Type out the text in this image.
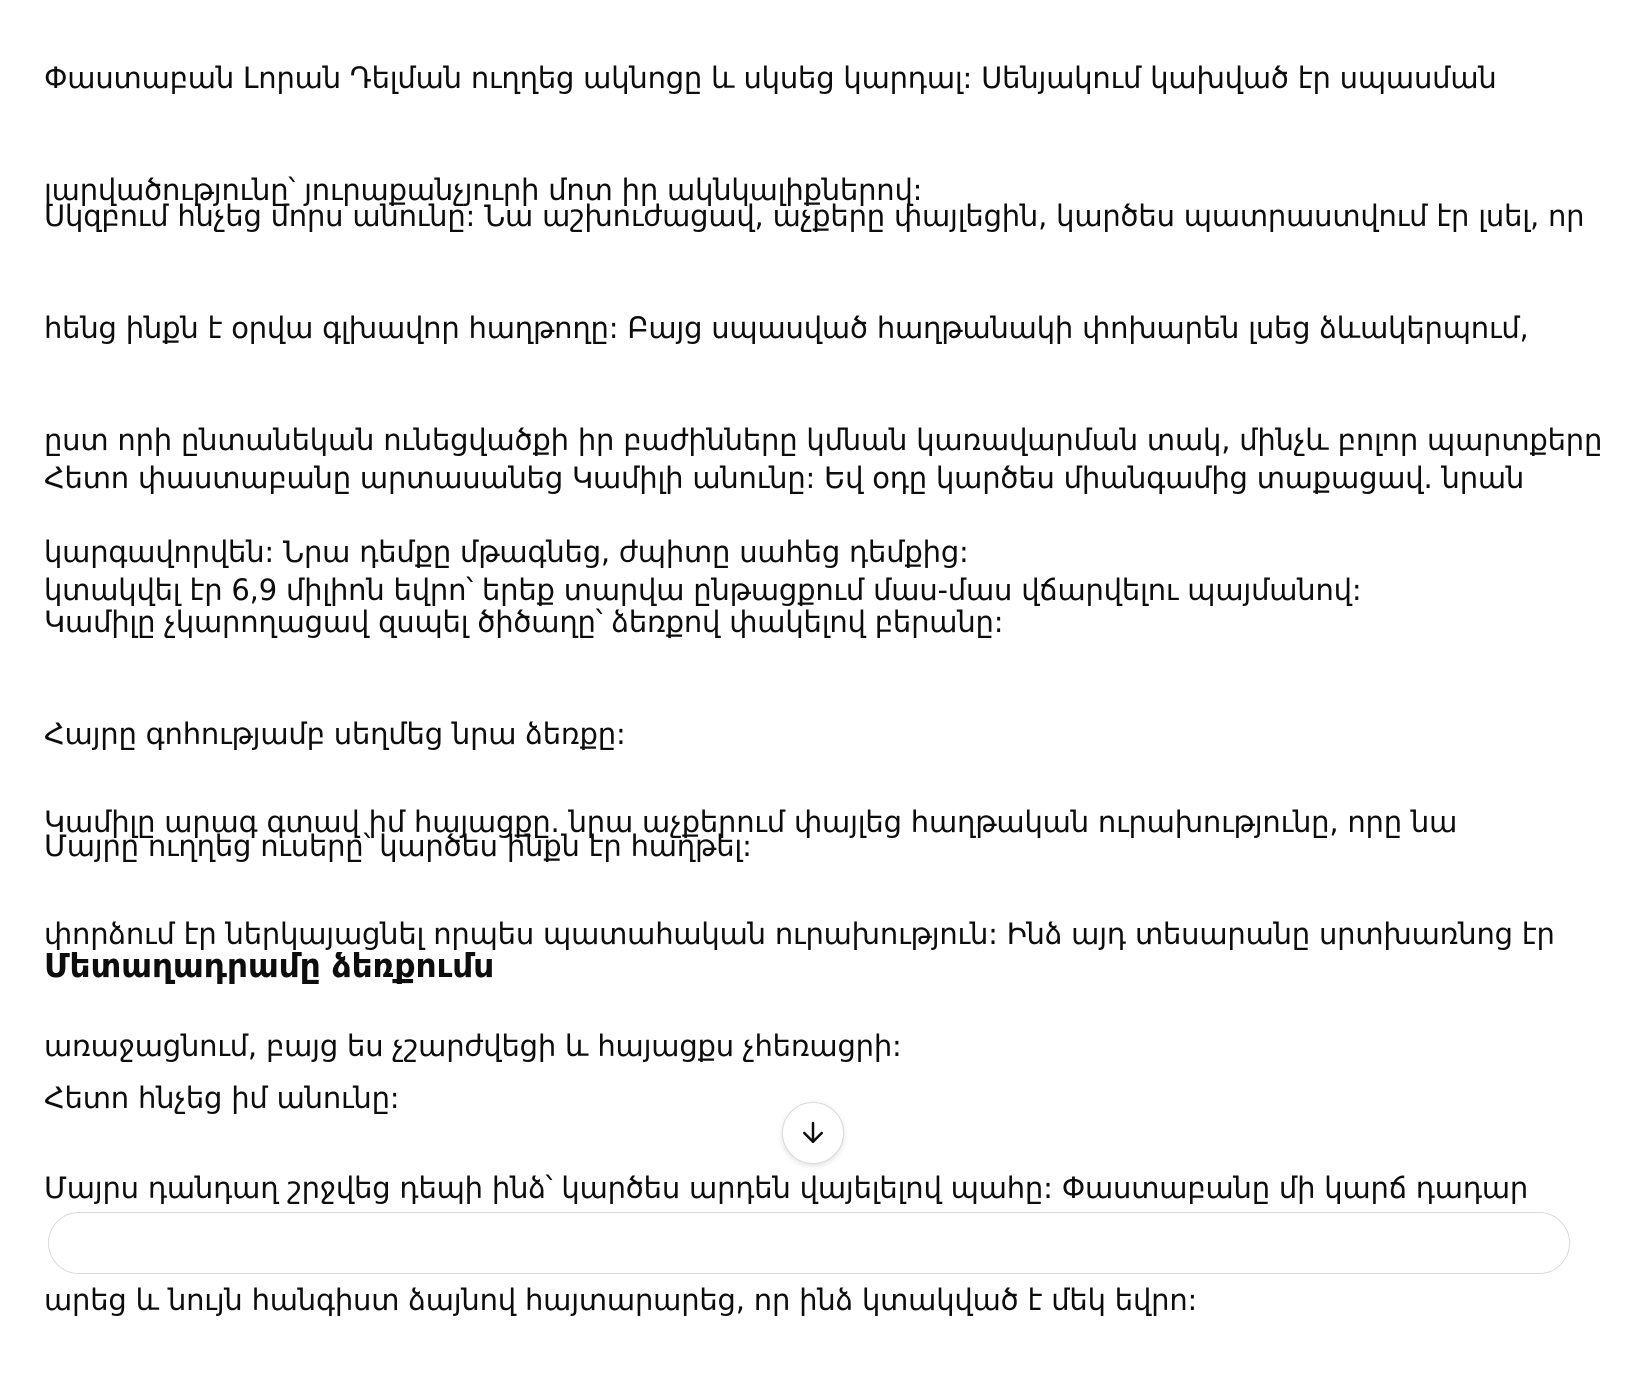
Փաստաբան Լորան Դելման ուղղեց ակնոցը և սկսեց կարդալ: Սենյակում կախված էր սպասման

լարվածությունը՝ յուրաքանչյուրի մոտ իր ակնկալիքներով:

Սկզբում հնչեց մորս անունը: Նա աշխուժացավ, աչքերը փայլեցին, կարծես պատրաստվում էր լսել, որ

հենց ինքն է օրվա գլխավոր հաղթողը: Բայց սպասված հաղթանակի փոխարեն լսեց ձևակերպում,

ըստ որի ընտանեկան ունեցվածքի իր բաժինները կմնան կառավարման տակ, մինչև բոլոր պարտքերը

կարգավորվեն: Նրա դեմքը մթագնեց, ժպիտը սահեց դեմքից:

Հետո փաստաբանը արտասանեց Կամիլի անունը: Եվ օդը կարծես միանգամից տաքացավ. նրան

կտակվել էր 6,9 միլիոն եվրո՝ երեք տարվա ընթացքում մաս-մաս վճարվելու պայմանով:

Կամիլը չկարողացավ զսպել ծիծաղը՝ ձեռքով փակելով բերանը:

Հայրը գոհությամբ սեղմեց նրա ձեռքը:

Մայրը ուղղեց ուսերը՝ կարծես ինքն էր հաղթել:

Կամիլը արագ գտավ իմ հայացքը. նրա աչքերում փայլեց հաղթական ուրախությունը, որը նա

փորձում էր ներկայացնել որպես պատահական ուրախություն: Ինձ այդ տեսարանը սրտխառնոց էր

առաջացնում, բայց ես չշարժվեցի և հայացքս չհեռացրի:

Մետաղադրամը ձեռքումս

Հետո հնչեց իմ անունը:

Մայրս դանդաղ շրջվեց դեպի ինձ՝ կարծես արդեն վայելելով պահը: Փաստաբանը մի կարճ դադար

արեց և նույն հանգիստ ձայնով հայտարարեց, որ ինձ կտակված է մեկ եվրո:
